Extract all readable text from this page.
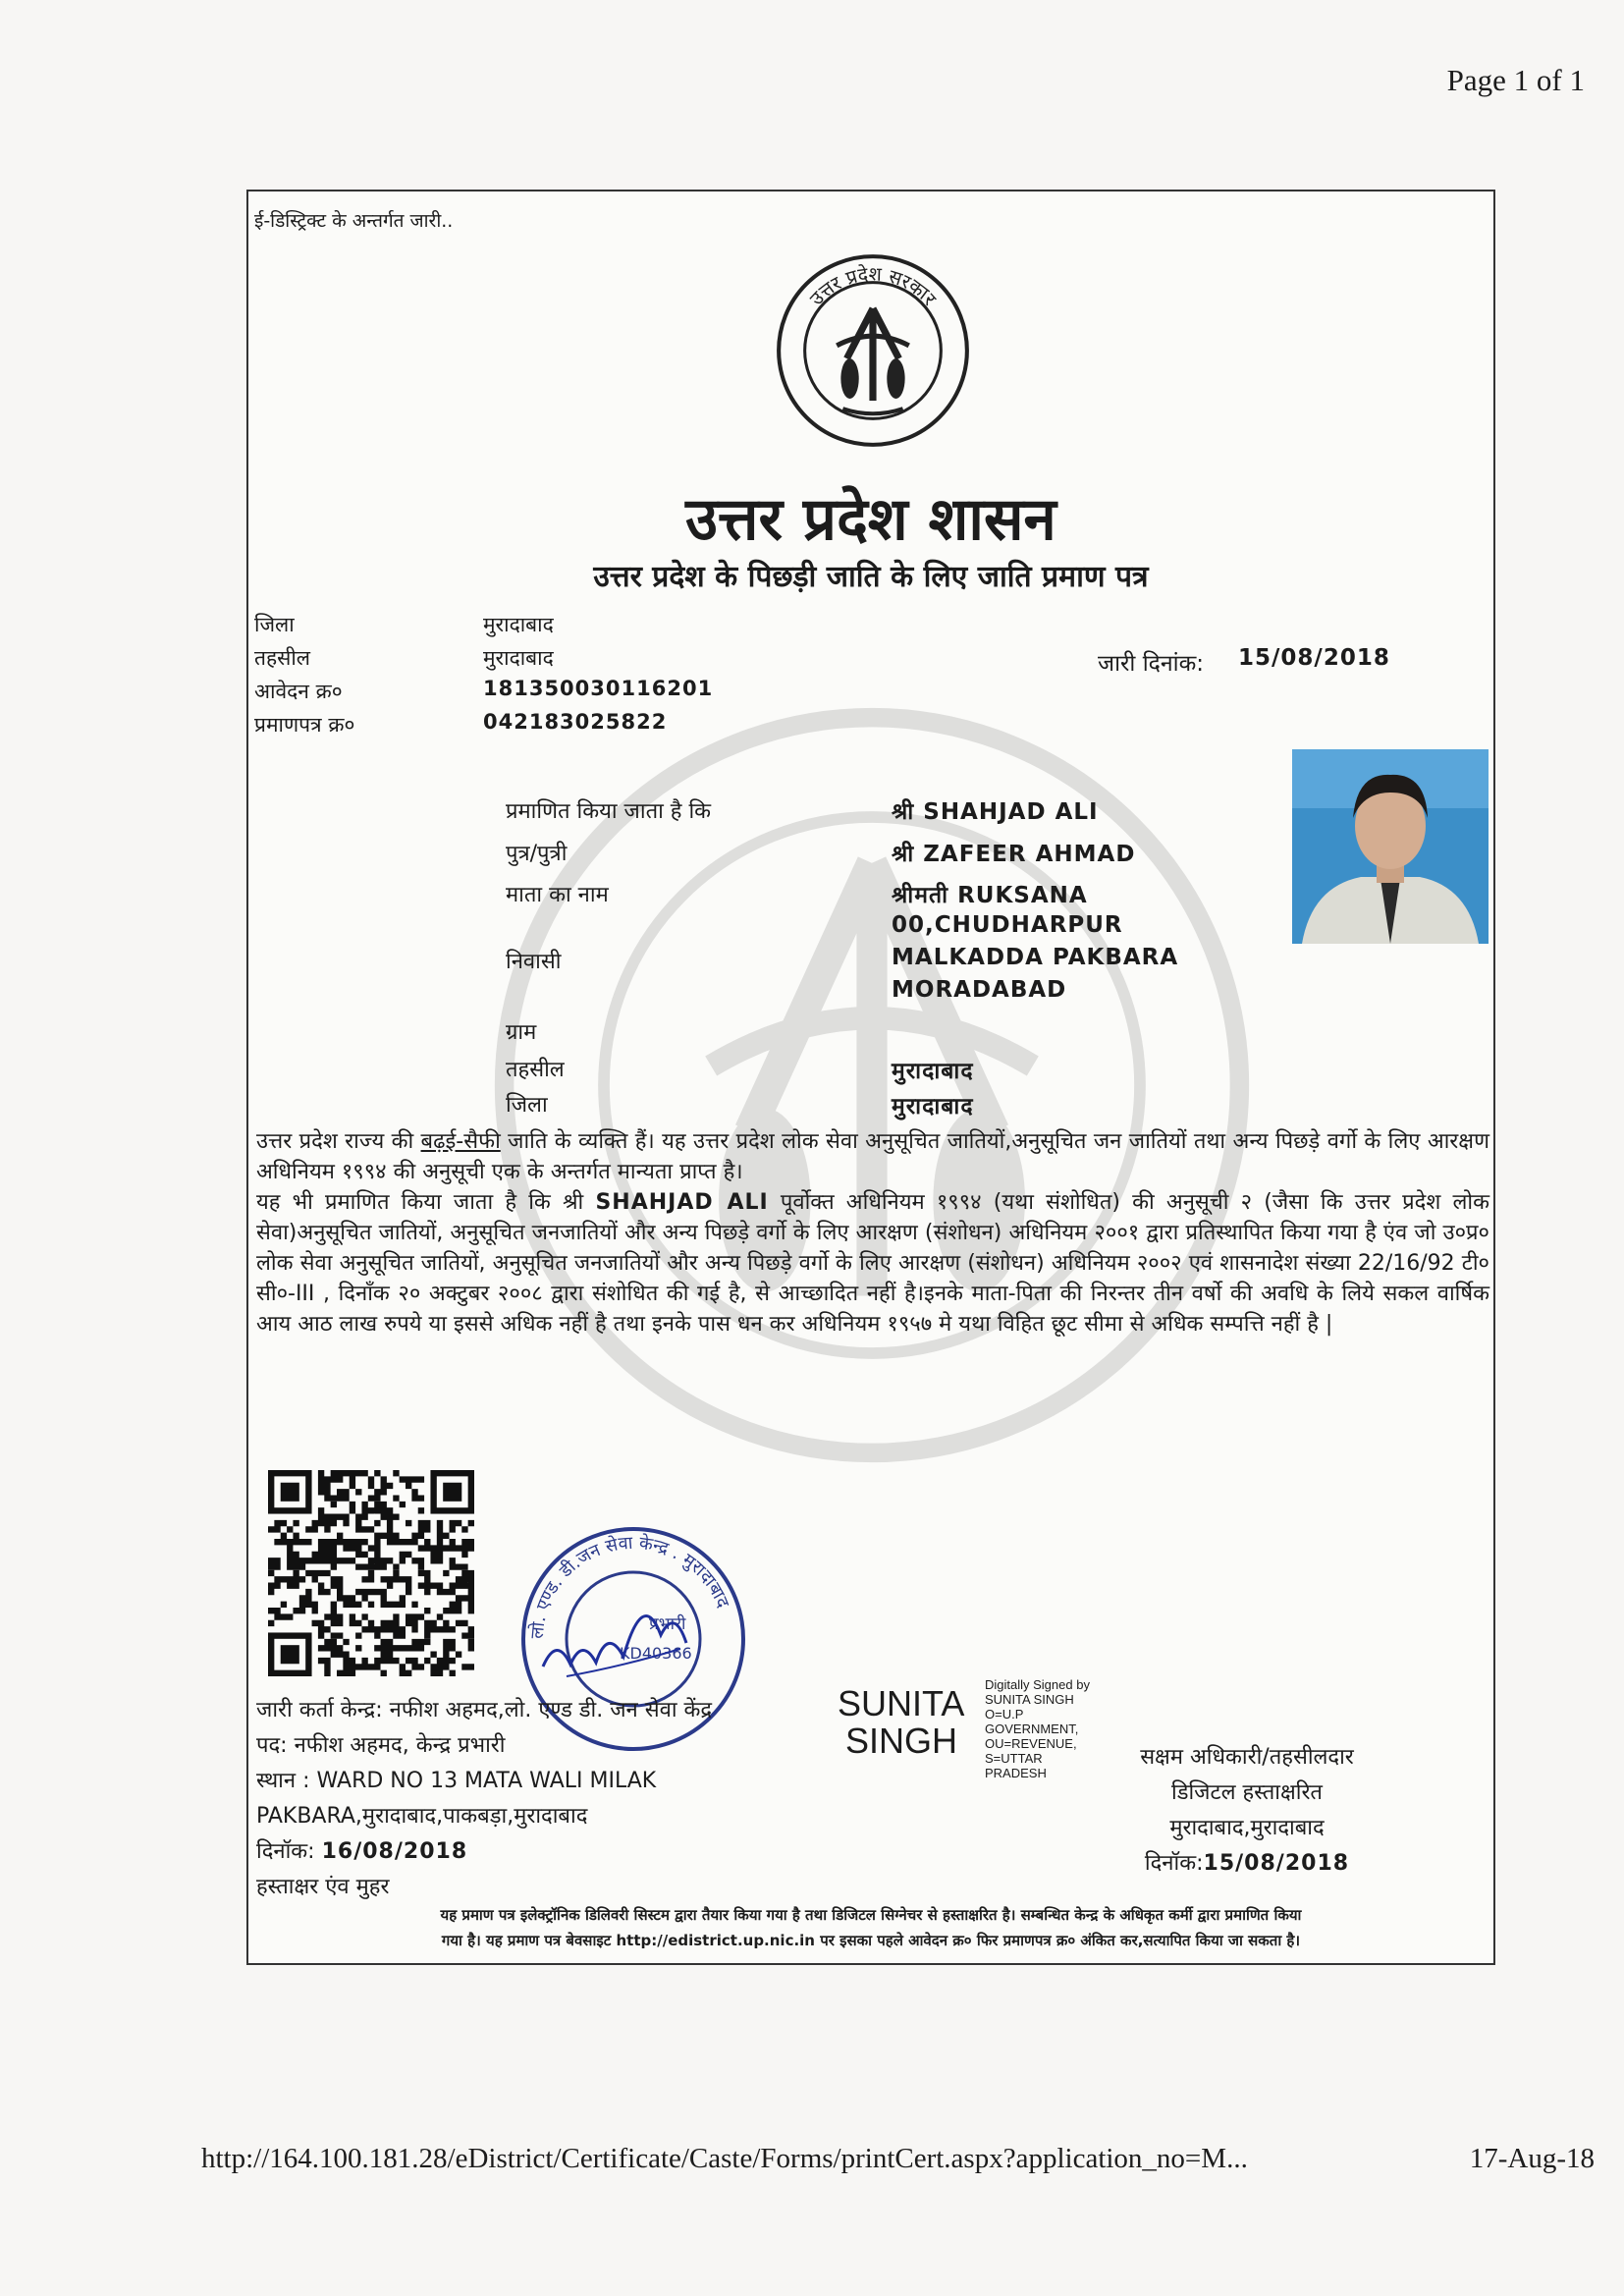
Page 1 of 1
ई-डिस्ट्रिक्ट के अन्तर्गत जारी..
उत्तर प्रदेश सरकार
उत्तर प्रदेश शासन
उत्तर प्रदेश के पिछड़ी जाति के लिए जाति प्रमाण पत्र
जिला	मुरादाबाद
तहसील	मुरादाबाद
आवेदन क्र०	181350030116201
प्रमाणपत्र क्र०	042183025822
जारी दिनांक: 15/08/2018
प्रमाणित किया जाता है कि	श्री SHAHJAD ALI
पुत्र/पुत्री	श्री ZAFEER AHMAD
माता का नाम	श्रीमती RUKSANA
00,CHUDHARPUR
निवासी	MALKADDA PAKBARA
MORADABAD
ग्राम
तहसील	मुरादाबाद
जिला	मुरादाबाद
उत्तर प्रदेश राज्य की बढ़ई-सैफी जाति के व्यक्ति हैं। यह उत्तर प्रदेश लोक सेवा अनुसूचित जातियों,अनुसूचित जन जातियों तथा अन्य पिछड़े वर्गो के लिए आरक्षण अधिनियम १९९४ की अनुसूची एक के अन्तर्गत मान्यता प्राप्त है।
यह भी प्रमाणित किया जाता है कि श्री SHAHJAD ALI पूर्वोक्त अधिनियम १९९४ (यथा संशोधित) की अनुसूची २ (जैसा कि उत्तर प्रदेश लोक सेवा)अनुसूचित जातियों, अनुसूचित जनजातियों और अन्य पिछड़े वर्गो के लिए आरक्षण (संशोधन) अधिनियम २००१ द्वारा प्रतिस्थापित किया गया है एंव जो उ०प्र० लोक सेवा अनुसूचित जातियों, अनुसूचित जनजातियों और अन्य पिछड़े वर्गो के लिए आरक्षण (संशोधन) अधिनियम २००२ एवं शासनादेश संख्या 22/16/92 टी० सी०-III , दिनाँक २० अक्टुबर २००८ द्वारा संशोधित की गई है, से आच्छादित नहीं है।इनके माता-पिता की निरन्तर तीन वर्षो की अवधि के लिये सकल वार्षिक आय आठ लाख रुपये या इससे अधिक नहीं है तथा इनके पास धन कर अधिनियम १९५७ मे यथा विहित छूट सीमा से अधिक सम्पत्ति नहीं है |
लो. एण्ड. डी.जन सेवा केन्द्र . मुरादाबाद
प्रभारी
KD40366
जारी कर्ता केन्द्र: नफीश अहमद,लो. एण्ड डी. जन सेवा केंद्र
पद: नफीश अहमद, केन्द्र प्रभारी
स्थान : WARD NO 13 MATA WALI MILAK
PAKBARA,मुरादाबाद,पाकबड़ा,मुरादाबाद
दिनॉक: 16/08/2018
हस्ताक्षर एंव मुहर
SUNITA
SINGH
Digitally Signed by
SUNITA SINGH
O=U.P
GOVERNMENT,
OU=REVENUE,
S=UTTAR
PRADESH
सक्षम अधिकारी/तहसीलदार
डिजिटल हस्ताक्षरित
मुरादाबाद,मुरादाबाद
दिनॉक:15/08/2018
यह प्रमाण पत्र इलेक्ट्रॉनिक डिलिवरी सिस्टम द्वारा तैयार किया गया है तथा डिजिटल सिग्नेचर से हस्ताक्षरित है। सम्बन्धित केन्द्र के अधिकृत कर्मी द्वारा प्रमाणित किया
गया है। यह प्रमाण पत्र बेवसाइट http://edistrict.up.nic.in पर इसका पहले आवेदन क्र० फिर प्रमाणपत्र क्र० अंकित कर,सत्यापित किया जा सकता है।
http://164.100.181.28/eDistrict/Certificate/Caste/Forms/printCert.aspx?application_no=M...	17-Aug-18
